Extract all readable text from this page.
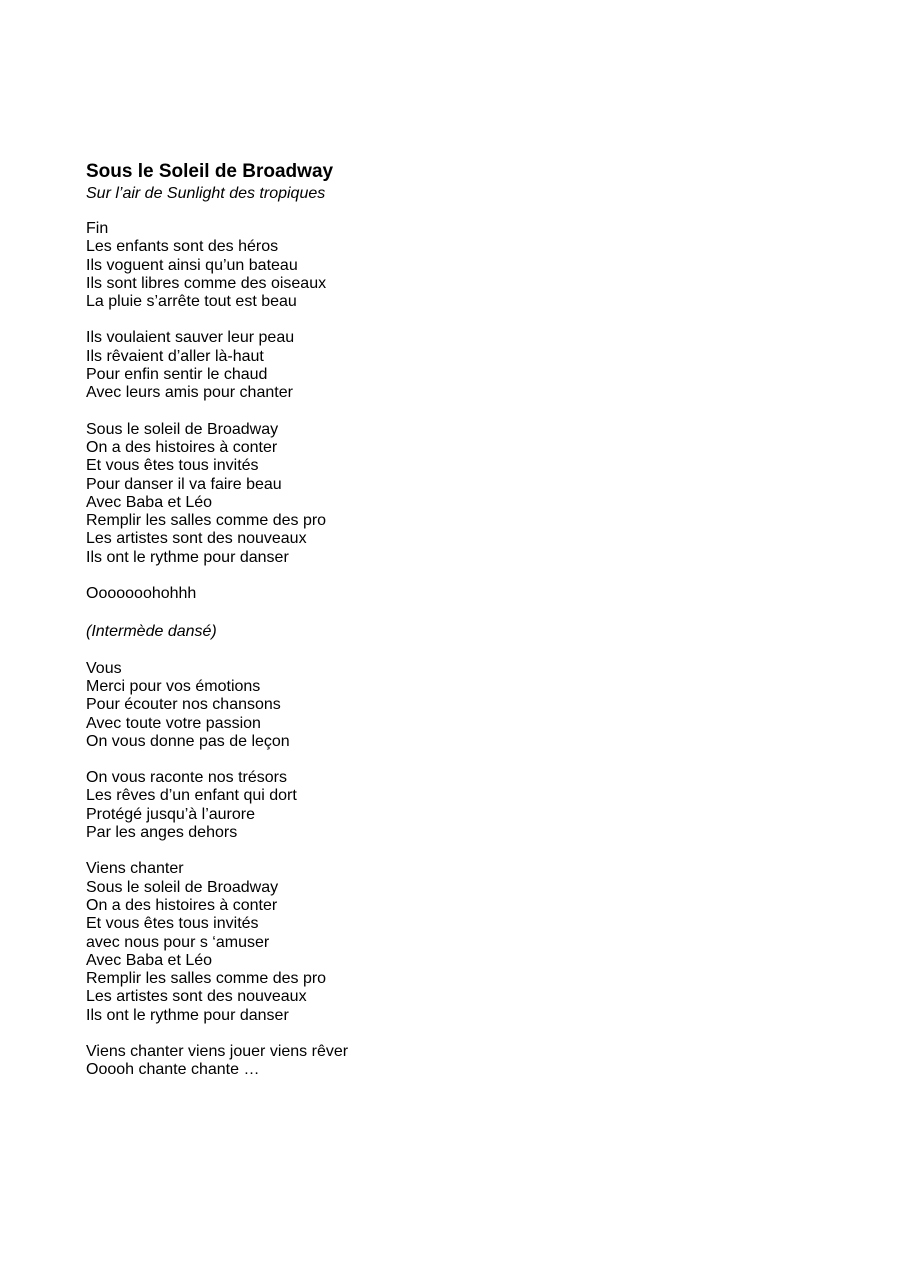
Sous le Soleil de Broadway

Sur l’air de Sunlight des tropiques

Fin
Les enfants sont des héros
Ils voguent ainsi qu’un bateau
Ils sont libres comme des oiseaux
La pluie s’arrête tout est beau
Ils voulaient sauver leur peau
Ils rêvaient d’aller là-haut
Pour enfin sentir le chaud
Avec leurs amis pour chanter
Sous le soleil de Broadway
On a des histoires à conter
Et vous êtes tous invités
Pour danser il va faire beau
Avec Baba et Léo
Remplir les salles comme des pro
Les artistes sont des nouveaux
Ils ont le rythme pour danser
Ooooooohohhh
(Intermède dansé)
Vous
Merci pour vos émotions
Pour écouter nos chansons
Avec toute votre passion
On vous donne pas de leçon
On vous raconte nos trésors
Les rêves d’un enfant qui dort
Protégé jusqu’à l’aurore
Par les anges dehors
Viens chanter
Sous le soleil de Broadway
On a des histoires à conter
Et vous êtes tous invités
avec nous pour s ‘amuser
Avec Baba et Léo
Remplir les salles comme des pro
Les artistes sont des nouveaux
Ils ont le rythme pour danser
Viens chanter viens jouer viens rêver
Ooooh chante chante …
